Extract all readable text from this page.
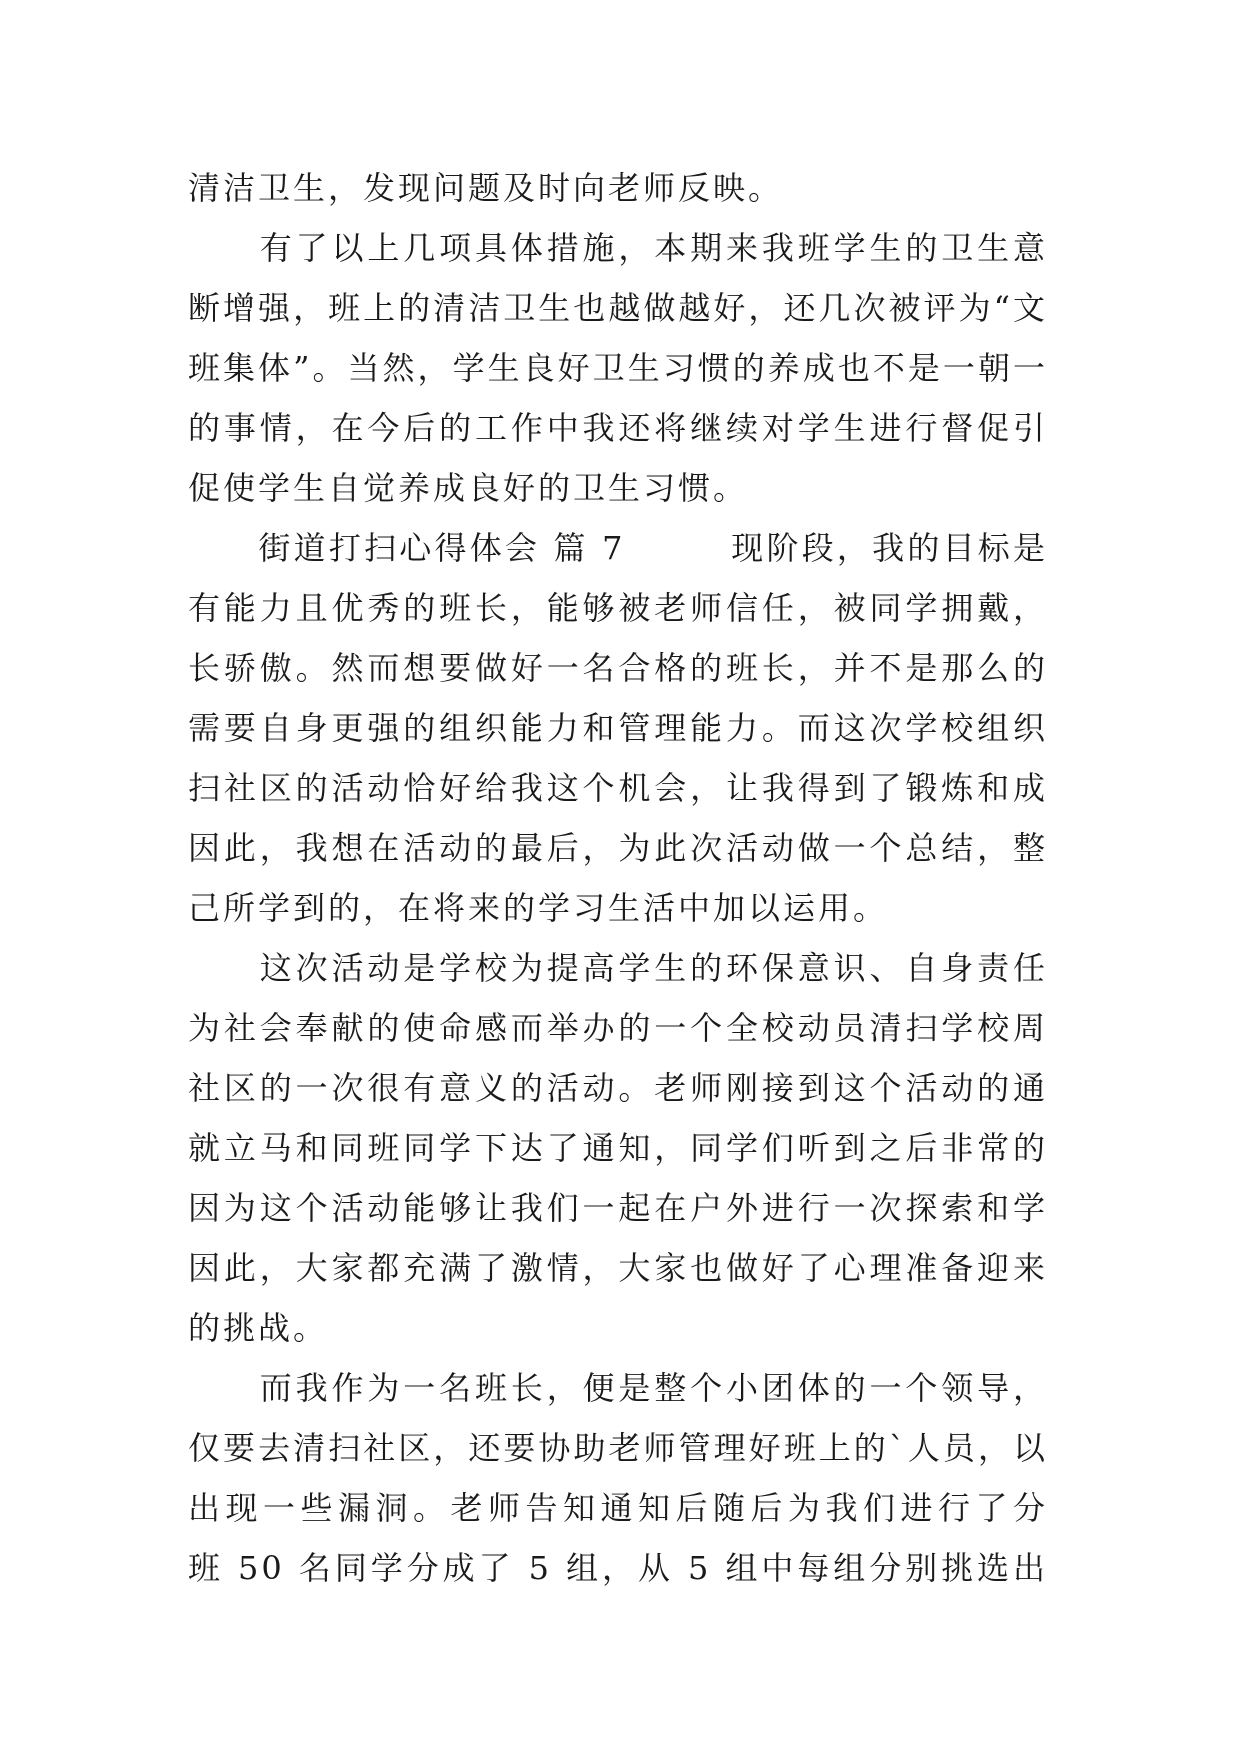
清洁卫生，发现问题及时向老师反映。
　　有了以上几项具体措施，本期来我班学生的卫生意
断增强，班上的清洁卫生也越做越好，还几次被评为“文
班集体”。当然，学生良好卫生习惯的养成也不是一朝一
的事情，在今后的工作中我还将继续对学生进行督促引
促使学生自觉养成良好的卫生习惯。
　　街道打扫心得体会 篇 7　　　现阶段，我的目标是
有能力且优秀的班长，能够被老师信任，被同学拥戴，
长骄傲。然而想要做好一名合格的班长，并不是那么的
需要自身更强的组织能力和管理能力。而这次学校组织
扫社区的活动恰好给我这个机会，让我得到了锻炼和成
因此，我想在活动的最后，为此次活动做一个总结，整
己所学到的，在将来的学习生活中加以运用。
　　这次活动是学校为提高学生的环保意识、自身责任
为社会奉献的使命感而举办的一个全校动员清扫学校周
社区的一次很有意义的活动。老师刚接到这个活动的通
就立马和同班同学下达了通知，同学们听到之后非常的
因为这个活动能够让我们一起在户外进行一次探索和学
因此，大家都充满了激情，大家也做好了心理准备迎来
的挑战。
　　而我作为一名班长，便是整个小团体的一个领导，
仅要去清扫社区，还要协助老师管理好班上的`人员，以
出现一些漏洞。老师告知通知后随后为我们进行了分
班 50 名同学分成了 5 组，从 5 组中每组分别挑选出
